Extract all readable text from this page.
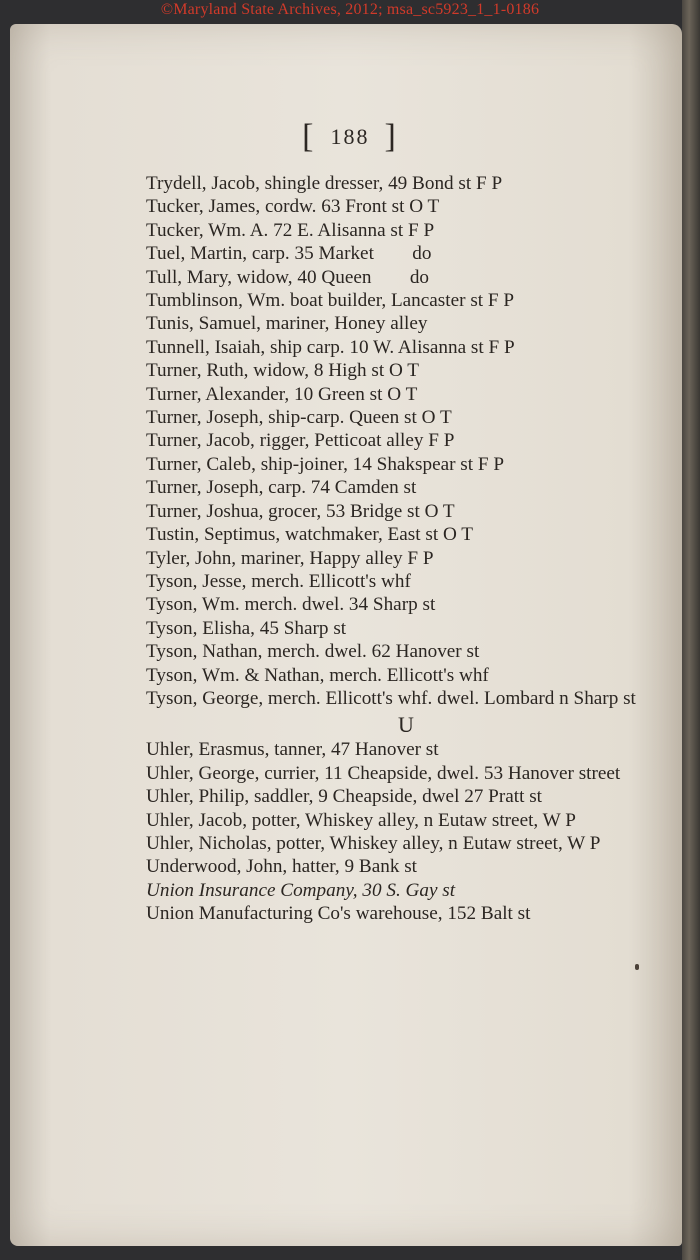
©Maryland State Archives, 2012; msa_sc5923_1_1-0186
[ 188 ]
Trydell, Jacob, shingle dresser, 49 Bond st F P
Tucker, James, cordw. 63 Front st O T
Tucker, Wm. A. 72 E. Alisanna st F P
Tuel, Martin, carp. 35 Market        do
Tull, Mary, widow, 40 Queen        do
Tumblinson, Wm. boat builder, Lancaster st F P
Tunis, Samuel, mariner, Honey alley
Tunnell, Isaiah, ship carp. 10 W. Alisanna st F P
Turner, Ruth, widow, 8 High st O T
Turner, Alexander, 10 Green st O T
Turner, Joseph, ship-carp. Queen st O T
Turner, Jacob, rigger, Petticoat alley F P
Turner, Caleb, ship-joiner, 14 Shakspear st F P
Turner, Joseph, carp. 74 Camden st
Turner, Joshua, grocer, 53 Bridge st O T
Tustin, Septimus, watchmaker, East st O T
Tyler, John, mariner, Happy alley F P
Tyson, Jesse, merch. Ellicott's whf
Tyson, Wm. merch. dwel. 34 Sharp st
Tyson, Elisha, 45 Sharp st
Tyson, Nathan, merch. dwel. 62 Hanover st
Tyson, Wm. & Nathan, merch. Ellicott's whf
Tyson, George, merch. Ellicott's whf. dwel. Lombard n Sharp st
U
Uhler, Erasmus, tanner, 47 Hanover st
Uhler, George, currier, 11 Cheapside, dwel. 53 Hanover street
Uhler, Philip, saddler, 9 Cheapside, dwel 27 Pratt st
Uhler, Jacob, potter, Whiskey alley, n Eutaw street, W P
Uhler, Nicholas, potter, Whiskey alley, n Eutaw street, W P
Underwood, John, hatter, 9 Bank st
Union Insurance Company, 30 S. Gay st
Union Manufacturing Co's warehouse, 152 Balt st
